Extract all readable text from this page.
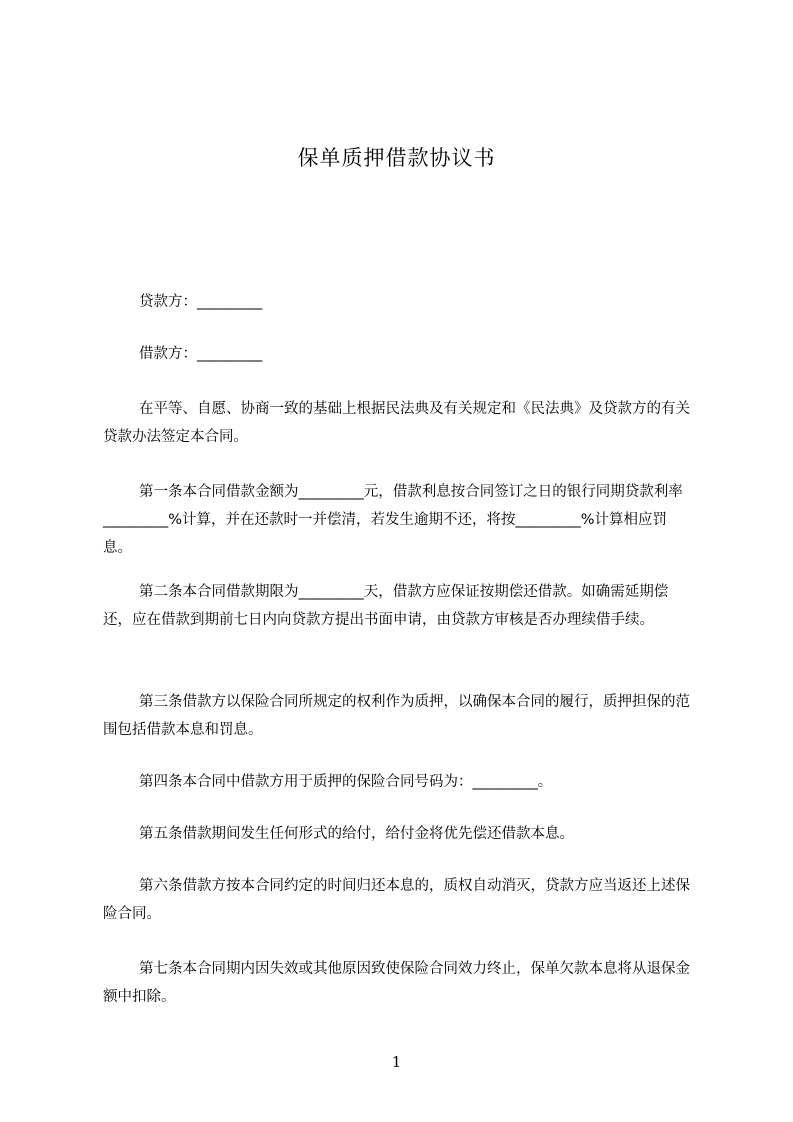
保单质押借款协议书
贷款方：_________
借款方：_________
在平等、自愿、协商一致的基础上根据民法典及有关规定和《民法典》及贷款方的有关贷款办法签定本合同。
第一条本合同借款金额为_________元，借款利息按合同签订之日的银行同期贷款利率_________%计算，并在还款时一并偿清，若发生逾期不还，将按_________%计算相应罚息。
第二条本合同借款期限为_________天，借款方应保证按期偿还借款。如确需延期偿还，应在借款到期前七日内向贷款方提出书面申请，由贷款方审核是否办理续借手续。
第三条借款方以保险合同所规定的权利作为质押，以确保本合同的履行，质押担保的范围包括借款本息和罚息。
第四条本合同中借款方用于质押的保险合同号码为：_________。
第五条借款期间发生任何形式的给付，给付金将优先偿还借款本息。
第六条借款方按本合同约定的时间归还本息的，质权自动消灭，贷款方应当返还上述保险合同。
第七条本合同期内因失效或其他原因致使保险合同效力终止，保单欠款本息将从退保金额中扣除。
1
